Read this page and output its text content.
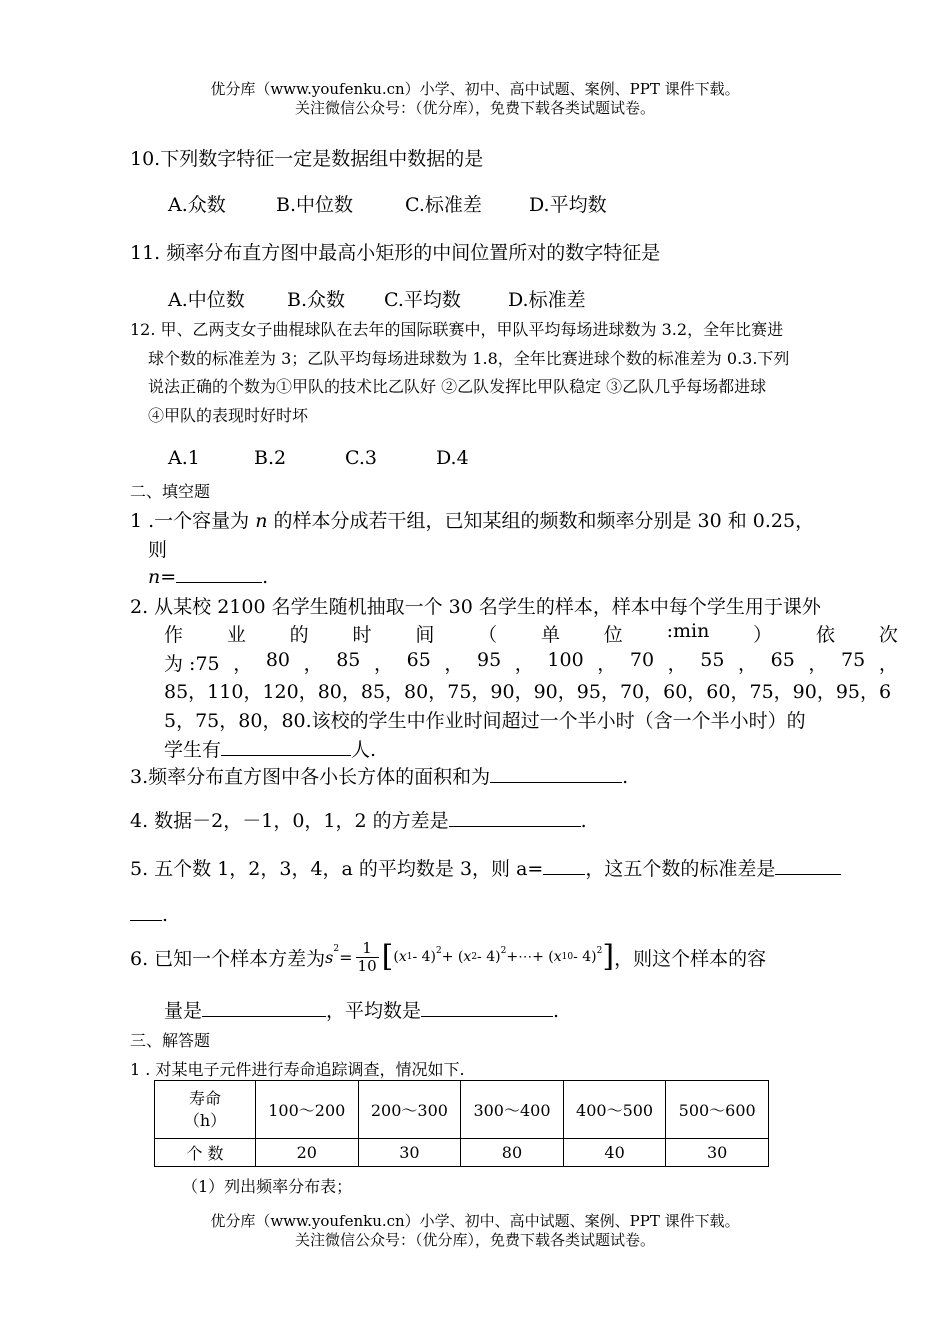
优分库（www.youfenku.cn）小学、初中、高中试题、案例、PPT 课件下载。
关注微信公众号：（优分库），免费下载各类试题试卷。
10.下列数字特征一定是数据组中数据的是
A.众数	B.中位数	C.标准差 D.平均数
11. 频率分布直方图中最高小矩形的中间位置所对的数字特征是
A.中位数 B.众数 C.平均数 D.标准差
12. 甲、乙两支女子曲棍球队在去年的国际联赛中，甲队平均每场进球数为 3.2，全年比赛进
球个数的标准差为 3；乙队平均每场进球数为 1.8，全年比赛进球个数的标准差为 0.3.下列
说法正确的个数为①甲队的技术比乙队好 ②乙队发挥比甲队稳定 ③乙队几乎每场都进球
④甲队的表现时好时坏
A.1	B.2	C.3	D.4
二、填空题
1 .一个容量为 n 的样本分成若干组，已知某组的频数和频率分别是 30 和 0.25，
则
n=	.
2. 从某校 2100 名学生随机抽取一个 30 名学生的样本，样本中每个学生用于课外
作 业 的 时 间 （ 单 位 :min ） 依 次
为 :75 ， 80 ， 85 ， 65 ， 95 ， 100 ， 70 ， 55 ， 65 ， 75 ，
85，110，120，80，85，80，75，90，90，95，70，60，60，75，90，95，6
5，75，80，80.该校的学生中作业时间超过一个半小时（含一个半小时）的
学生有	人.
3.频率分布直方图中各小长方体的面积和为	.
4. 数据－2，－1，0，1，2 的方差是	.
5. 五个数 1，2，3，4，a 的平均数是 3，则 a= ，这五个数的标准差是
.
6. 已知一个样本方差为 $s^2 = \frac{1}{10}$ [ ( x 1 - 4)$^2$ + ( x 2 - 4)$^2$ +⋯+ ( x 10 - 4)$^2$ ] ，则这个样本的容
量是	，平均数是	.
三、解答题
1 . 对某电子元件进行寿命追踪调查，情况如下.
寿命
（h）	100～200	200～300	300～400	400～500	500～600
个 数	20	30	80	40	30
（1）列出频率分布表；
优分库（www.youfenku.cn）小学、初中、高中试题、案例、PPT 课件下载。
关注微信公众号：（优分库），免费下载各类试题试卷。
